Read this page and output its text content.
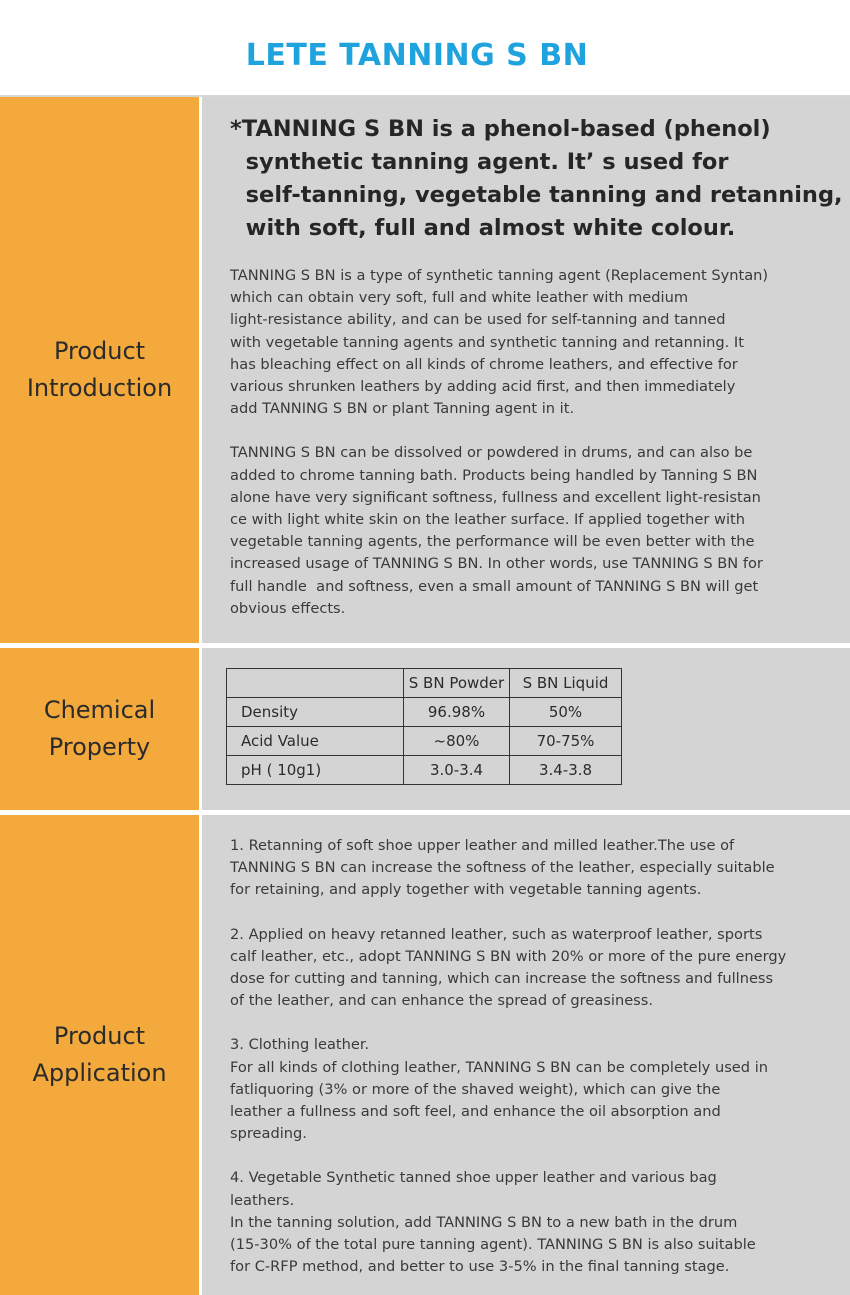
LETE TANNING S BN
Product
Introduction
*TANNING S BN is a phenol-based (phenol)
synthetic tanning agent. It’ s used for
self-tanning, vegetable tanning and retanning,
with soft, full and almost white colour.
TANNING S BN is a type of synthetic tanning agent (Replacement Syntan)
which can obtain very soft, full and white leather with medium
light-resistance ability, and can be used for self-tanning and tanned
with vegetable tanning agents and synthetic tanning and retanning. It
has bleaching effect on all kinds of chrome leathers, and effective for
various shrunken leathers by adding acid first, and then immediately
add TANNING S BN or plant Tanning agent in it.
TANNING S BN can be dissolved or powdered in drums, and can also be
added to chrome tanning bath. Products being handled by Tanning S BN
alone have very significant softness, fullness and excellent light-resistan
ce with light white skin on the leather surface. If applied together with
vegetable tanning agents, the performance will be even better with the
increased usage of TANNING S BN. In other words, use TANNING S BN for
full handle  and softness, even a small amount of TANNING S BN will get
obvious effects.
Chemical
Property
	S BN Powder	S BN Liquid
Density	96.98%	50%
Acid Value	~80%	70-75%
pH ( 10g1)	3.0-3.4	3.4-3.8
Product
Application
1. Retanning of soft shoe upper leather and milled leather.The use of
TANNING S BN can increase the softness of the leather, especially suitable
for retaining, and apply together with vegetable tanning agents.
2. Applied on heavy retanned leather, such as waterproof leather, sports
calf leather, etc., adopt TANNING S BN with 20% or more of the pure energy
dose for cutting and tanning, which can increase the softness and fullness
of the leather, and can enhance the spread of greasiness.
3. Clothing leather.
For all kinds of clothing leather, TANNING S BN can be completely used in
fatliquoring (3% or more of the shaved weight), which can give the
leather a fullness and soft feel, and enhance the oil absorption and
spreading.
4. Vegetable Synthetic tanned shoe upper leather and various bag
leathers.
In the tanning solution, add TANNING S BN to a new bath in the drum
(15-30% of the total pure tanning agent). TANNING S BN is also suitable
for C-RFP method, and better to use 3-5% in the final tanning stage.
